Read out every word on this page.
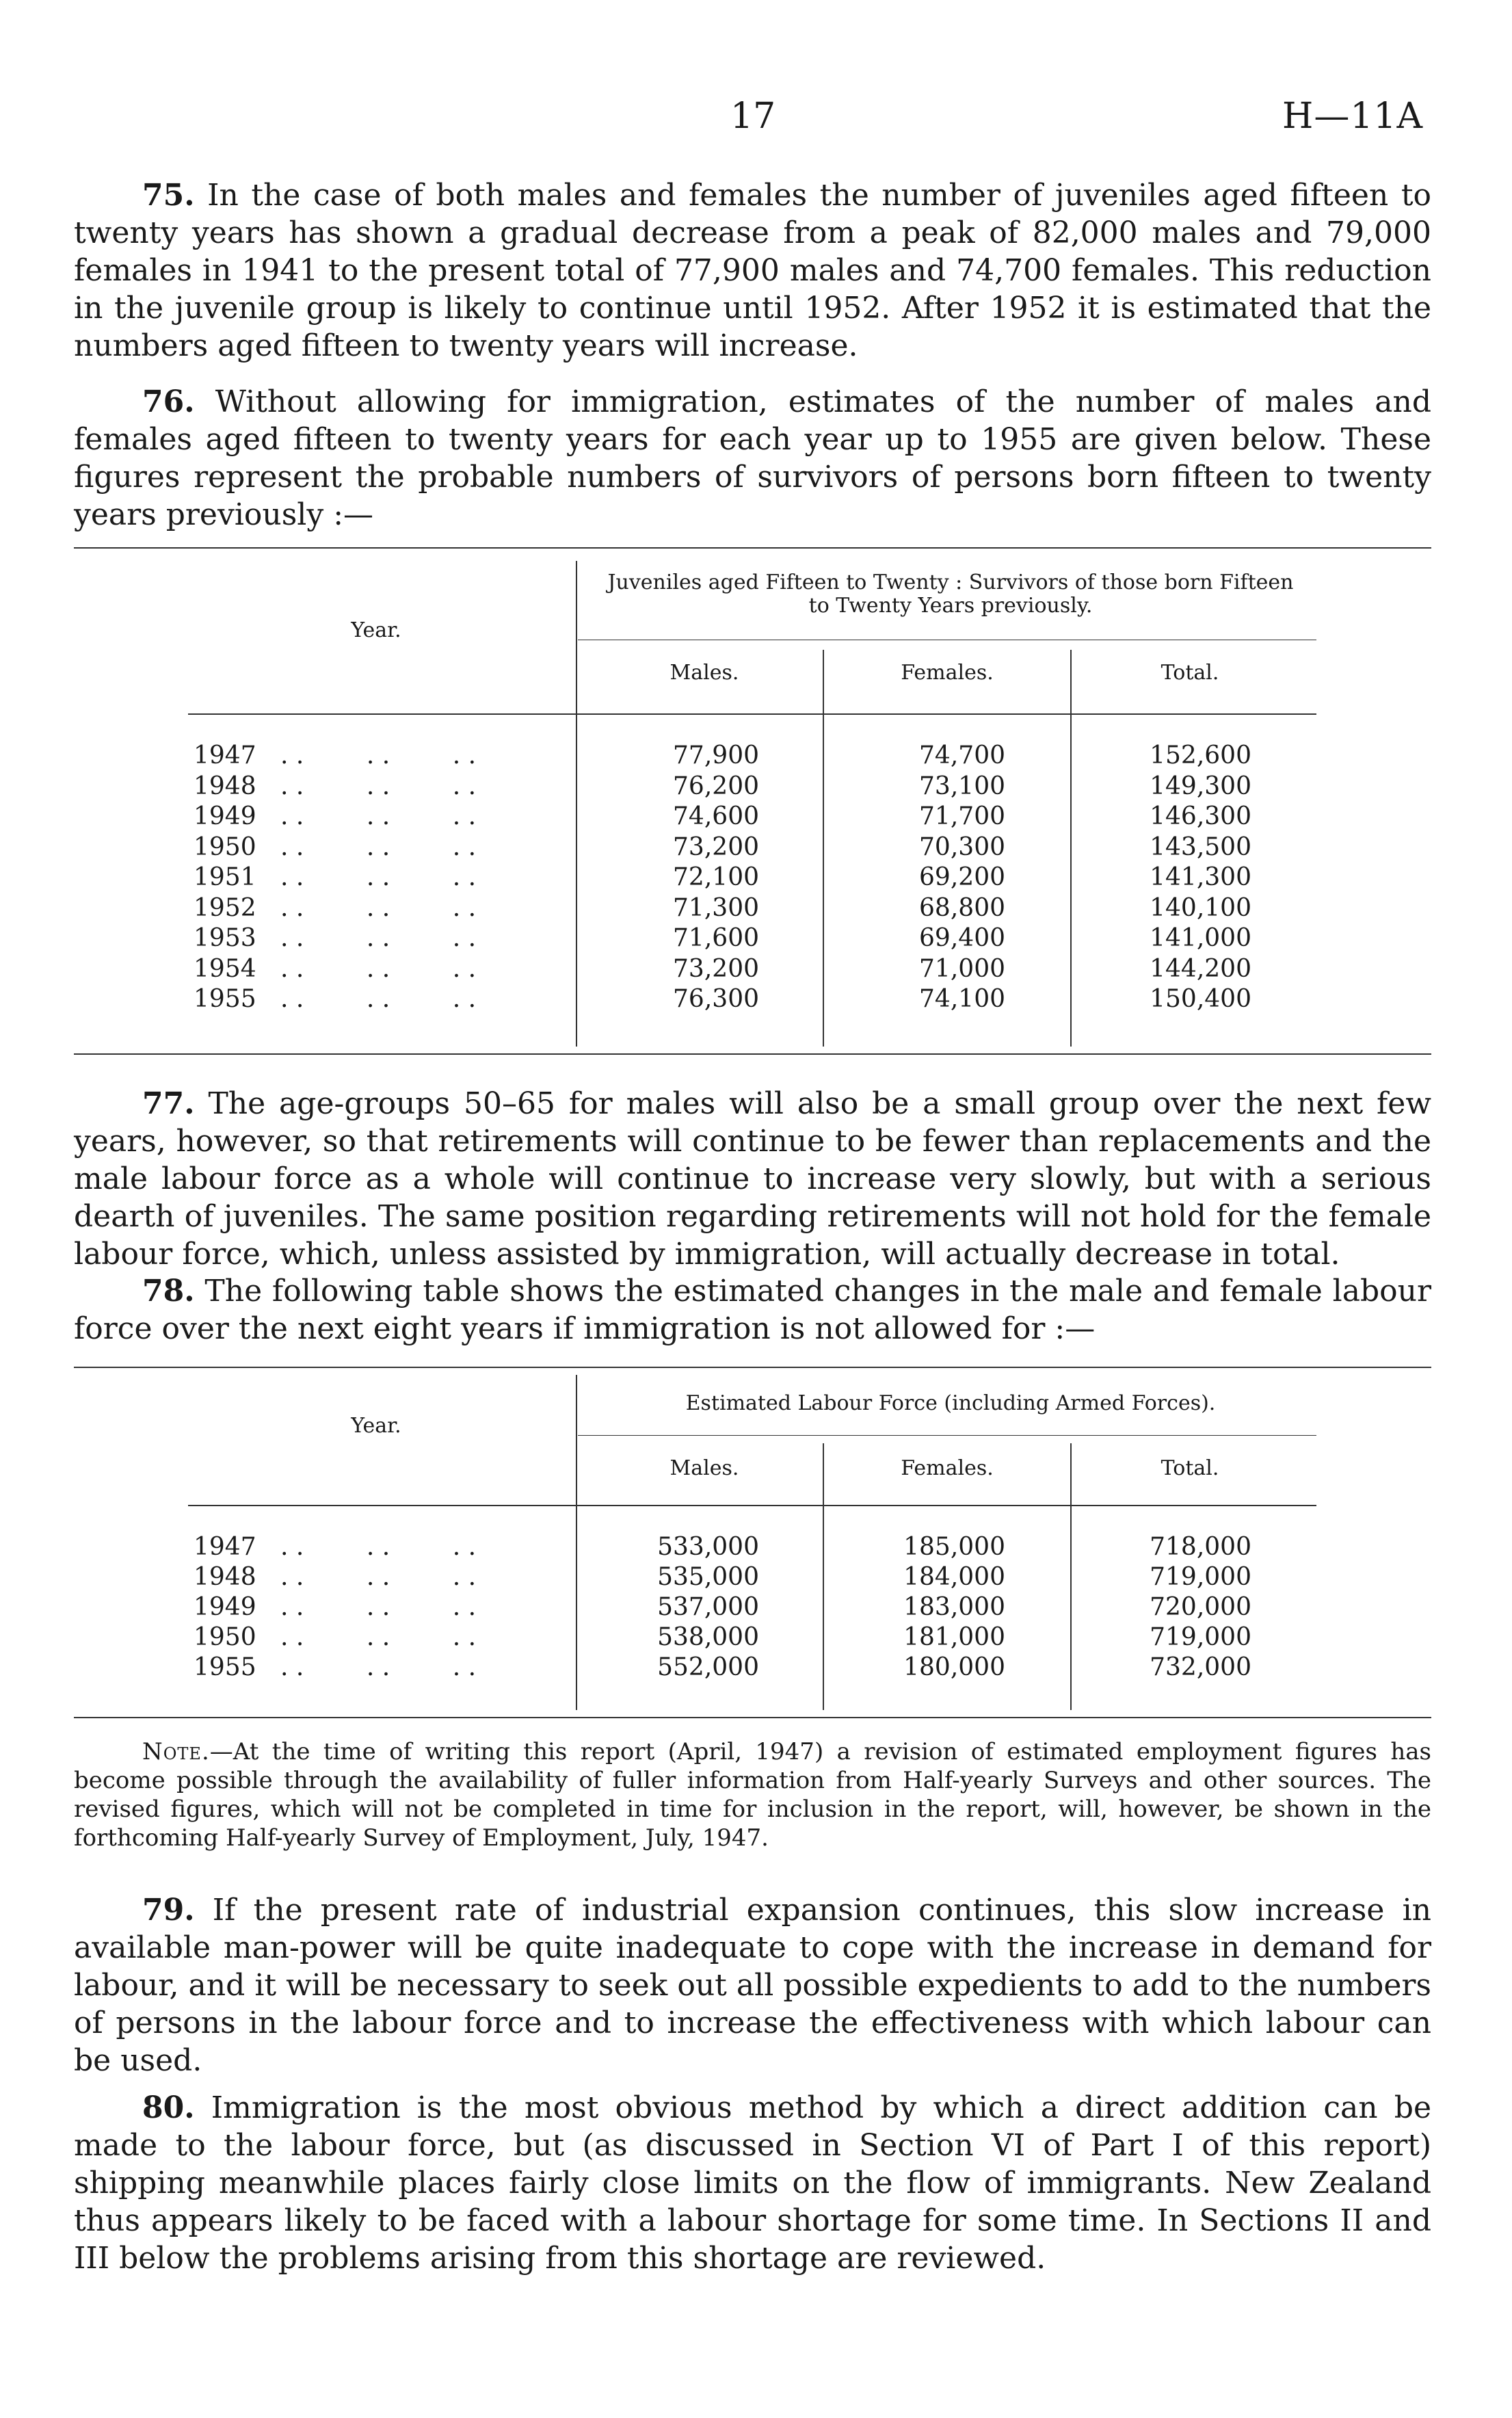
17	H—11A

75. In the case of both males and females the number of juveniles aged fifteen to twenty years has shown a gradual decrease from a peak of 82,000 males and 79,000 females in 1941 to the present total of 77,900 males and 74,700 females. This reduction in the juvenile group is likely to continue until 1952. After 1952 it is estimated that the numbers aged fifteen to twenty years will increase.

76. Without allowing for immigration, estimates of the number of males and females aged fifteen to twenty years for each year up to 1955 are given below. These figures represent the probable numbers of survivors of persons born fifteen to twenty years previously :—

Year.
Juveniles aged Fifteen to Twenty : Survivors of those born Fifteen to Twenty Years previously.
Males.	Females.	Total.
1947 . .        . .        . .	77,900	74,700	152,600
1948 . .        . .        . .	76,200	73,100	149,300
1949 . .        . .        . .	74,600	71,700	146,300
1950 . .        . .        . .	73,200	70,300	143,500
1951 . .        . .        . .	72,100	69,200	141,300
1952 . .        . .        . .	71,300	68,800	140,100
1953 . .        . .        . .	71,600	69,400	141,000
1954 . .        . .        . .	73,200	71,000	144,200
1955 . .        . .        . .	76,300	74,100	150,400

77. The age-groups 50–65 for males will also be a small group over the next few years, however, so that retirements will continue to be fewer than replacements and the male labour force as a whole will continue to increase very slowly, but with a serious dearth of juveniles. The same position regarding retirements will not hold for the female labour force, which, unless assisted by immigration, will actually decrease in total.

78. The following table shows the estimated changes in the male and female labour force over the next eight years if immigration is not allowed for :—

Year.
Estimated Labour Force (including Armed Forces).
Males.	Females.	Total.
1947 . .        . .        . .	533,000	185,000	718,000
1948 . .        . .        . .	535,000	184,000	719,000
1949 . .        . .        . .	537,000	183,000	720,000
1950 . .        . .        . .	538,000	181,000	719,000
1955 . .        . .        . .	552,000	180,000	732,000

Note.—At the time of writing this report (April, 1947) a revision of estimated employment figures has become possible through the availability of fuller information from Half-yearly Surveys and other sources. The revised figures, which will not be completed in time for inclusion in the report, will, however, be shown in the forthcoming Half-yearly Survey of Employment, July, 1947.

79. If the present rate of industrial expansion continues, this slow increase in available man-power will be quite inadequate to cope with the increase in demand for labour, and it will be necessary to seek out all possible expedients to add to the numbers of persons in the labour force and to increase the effectiveness with which labour can be used.

80. Immigration is the most obvious method by which a direct addition can be made to the labour force, but (as discussed in Section VI of Part I of this report) shipping meanwhile places fairly close limits on the flow of immigrants. New Zealand thus appears likely to be faced with a labour shortage for some time. In Sections II and III below the problems arising from this shortage are reviewed.
